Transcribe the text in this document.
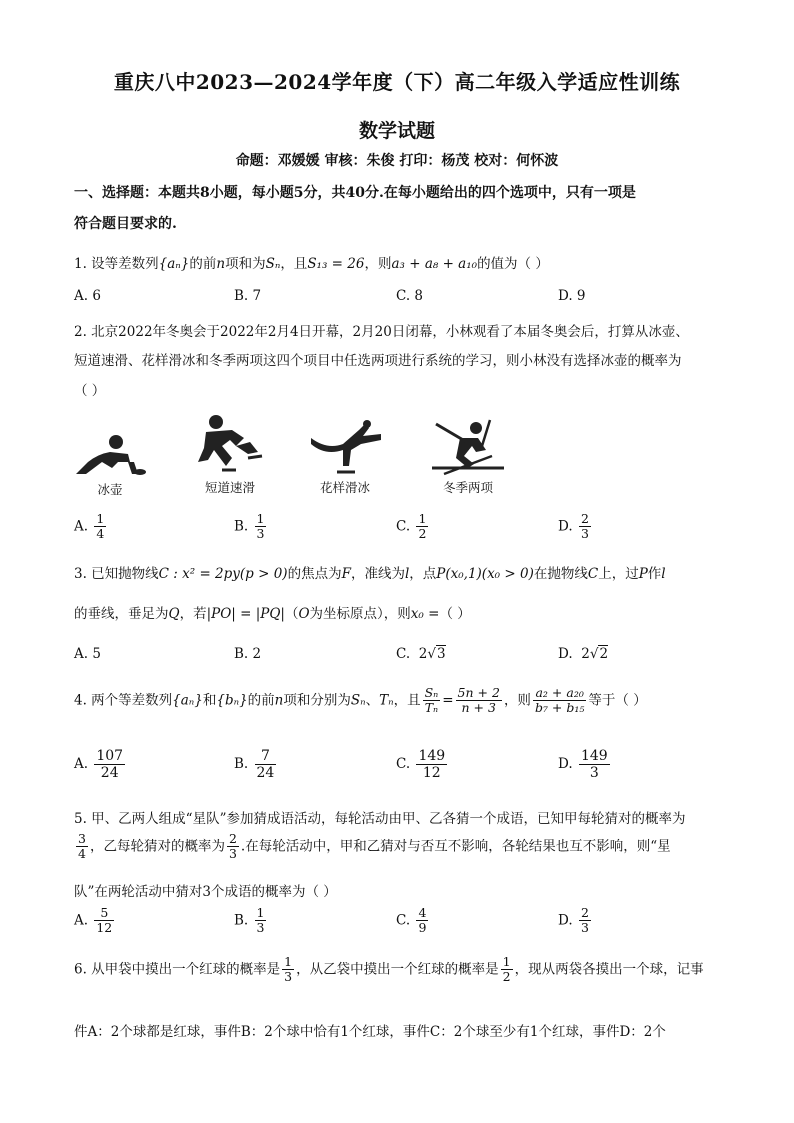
重庆八中2023—2024学年度（下）高二年级入学适应性训练
数学试题
命题：邓媛媛 审核：朱俊 打印：杨茂 校对：何怀波
一、选择题：本题共8小题，每小题5分，共40分.在每小题给出的四个选项中，只有一项是
符合题目要求的.
1. 设等差数列{aₙ}的前n项和为Sₙ，且S₁₃ = 26，则a₃ + a₈ + a₁₀的值为（ ）
A. 6	B. 7	C. 8	D. 9
2. 北京2022年冬奥会于2022年2月4日开幕，2月20日闭幕，小林观看了本届冬奥会后，打算从冰壶、
短道速滑、花样滑冰和冬季两项这四个项目中任选两项进行系统的学习，则小林没有选择冰壶的概率为
（ ）
冰壶	短道速滑	花样滑冰	冬季两项
A. $\frac{1}{4}$	B. $\frac{1}{3}$	C. $\frac{1}{2}$	D. $\frac{2}{3}$
3. 已知抛物线C : x² = 2py(p > 0)的焦点为F，准线为l，点P(x₀,1)(x₀ > 0)在抛物线C上，过P作l
的垂线，垂足为Q，若|PO| = |PQ|（O为坐标原点），则x₀ =（ ）
A. 5	B. 2	C. 2√3	D. 2√2
4. 两个等差数列{aₙ}和{bₙ}的前n项和分别为Sₙ、Tₙ，且 $\frac{\text{Sₙ}}{\text{Tₙ}} = \frac{5n + 2}{n + 3}$ ，则 $\frac{\text{a₂ + a₂₀}}{\text{b₇ + b₁₅}}$ 等于（ ）
A. $\frac{107}{24}$	B. $\frac{7}{24}$	C. $\frac{149}{12}$	D. $\frac{149}{3}$
5. 甲、乙两人组成“星队”参加猜成语活动，每轮活动由甲、乙各猜一个成语，已知甲每轮猜对的概率为
$\frac{3}{4}$ ，乙每轮猜对的概率为 $\frac{2}{3}$ .在每轮活动中，甲和乙猜对与否互不影响，各轮结果也互不影响，则“星
队”在两轮活动中猜对3个成语的概率为（ ）
A. $\frac{5}{12}$	B. $\frac{1}{3}$	C. $\frac{4}{9}$	D. $\frac{2}{3}$
6. 从甲袋中摸出一个红球的概率是 $\frac{1}{3}$ ，从乙袋中摸出一个红球的概率是 $\frac{1}{2}$ ，现从两袋各摸出一个球，记事
件A：2个球都是红球，事件B：2个球中恰有1个红球，事件C：2个球至少有1个红球，事件D：2个
